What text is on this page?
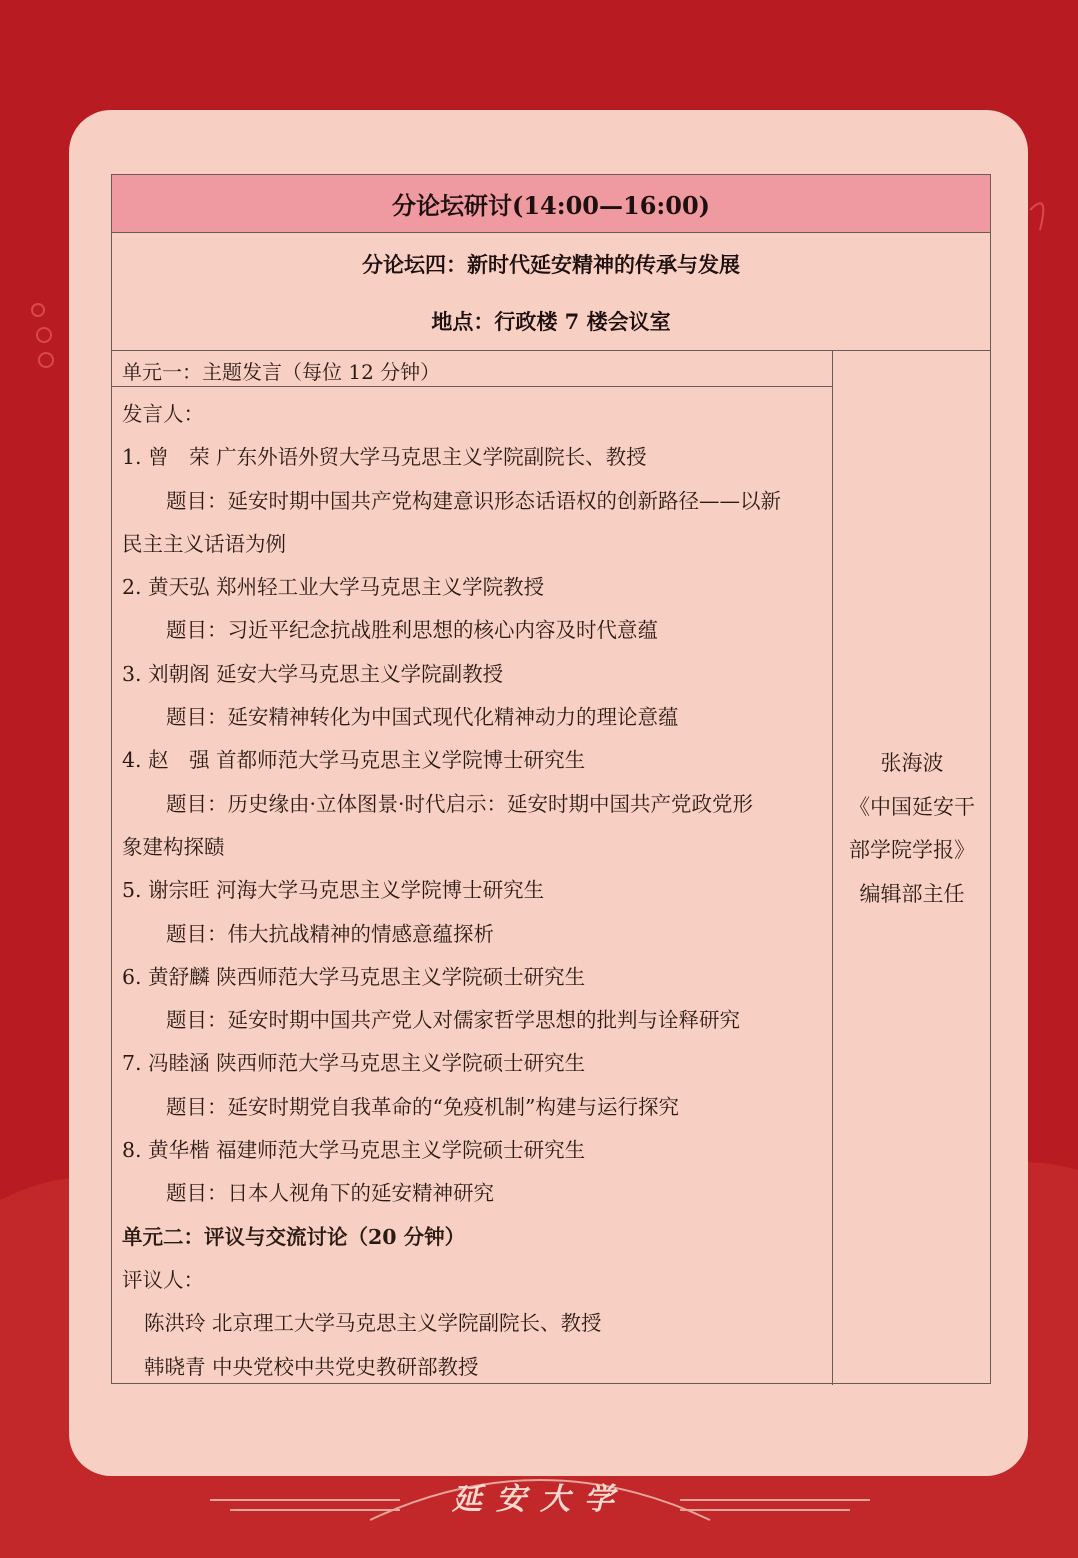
分论坛研讨(14:00—16:00)
分论坛四：新时代延安精神的传承与发展
地点：行政楼 7 楼会议室
单元一：主题发言（每位 12 分钟）
发言人：
1. 曾　荣 广东外语外贸大学马克思主义学院副院长、教授
题目：延安时期中国共产党构建意识形态话语权的创新路径——以新
民主主义话语为例
2. 黄天弘 郑州轻工业大学马克思主义学院教授
题目：习近平纪念抗战胜利思想的核心内容及时代意蕴
3. 刘朝阁 延安大学马克思主义学院副教授
题目：延安精神转化为中国式现代化精神动力的理论意蕴
4. 赵　强 首都师范大学马克思主义学院博士研究生
题目：历史缘由·立体图景·时代启示：延安时期中国共产党政党形
象建构探赜
5. 谢宗旺 河海大学马克思主义学院博士研究生
题目：伟大抗战精神的情感意蕴探析
6. 黄舒麟 陕西师范大学马克思主义学院硕士研究生
题目：延安时期中国共产党人对儒家哲学思想的批判与诠释研究
7. 冯睦涵 陕西师范大学马克思主义学院硕士研究生
题目：延安时期党自我革命的“免疫机制”构建与运行探究
8. 黄华楷 福建师范大学马克思主义学院硕士研究生
题目：日本人视角下的延安精神研究
单元二：评议与交流讨论（20 分钟）
评议人：
陈洪玲 北京理工大学马克思主义学院副院长、教授
韩晓青 中央党校中共党史教研部教授
张海波
《中国延安干
部学院学报》
编辑部主任
延安大学
